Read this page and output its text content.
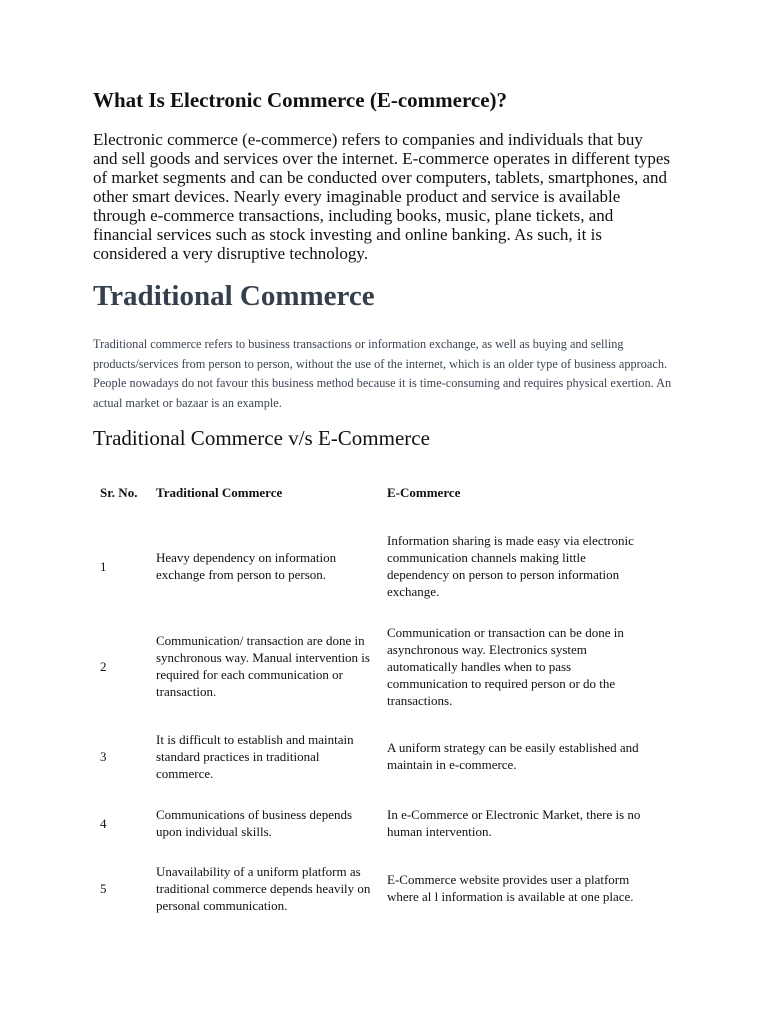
What Is Electronic Commerce (E-commerce)?

Electronic commerce (e-commerce) refers to companies and individuals that buy and sell goods and services over the internet. E-commerce operates in different types of market segments and can be conducted over computers, tablets, smartphones, and other smart devices. Nearly every imaginable product and service is available through e-commerce transactions, including books, music, plane tickets, and financial services such as stock investing and online banking. As such, it is considered a very disruptive technology.

Traditional Commerce

Traditional commerce refers to business transactions or information exchange, as well as buying and selling products/services from person to person, without the use of the internet, which is an older type of business approach. People nowadays do not favour this business method because it is time-consuming and requires physical exertion. An actual market or bazaar is an example.

Traditional Commerce v/s E-Commerce
Sr. No.	Traditional Commerce	E-Commerce
1	Heavy dependency on information exchange from person to person.	Information sharing is made easy via electronic communication channels making little dependency on person to person information exchange.
2	Communication/ transaction are done in synchronous way. Manual intervention is required for each communication or transaction.	Communication or transaction can be done in asynchronous way. Electronics system automatically handles when to pass communication to required person or do the transactions.
3	It is difficult to establish and maintain standard practices in traditional commerce.	A uniform strategy can be easily established and maintain in e-commerce.
4	Communications of business depends upon individual skills.	In e-Commerce or Electronic Market, there is no human intervention.
5	Unavailability of a uniform platform as traditional commerce depends heavily on personal communication.	E-Commerce website provides user a platform where al l information is available at one place.
